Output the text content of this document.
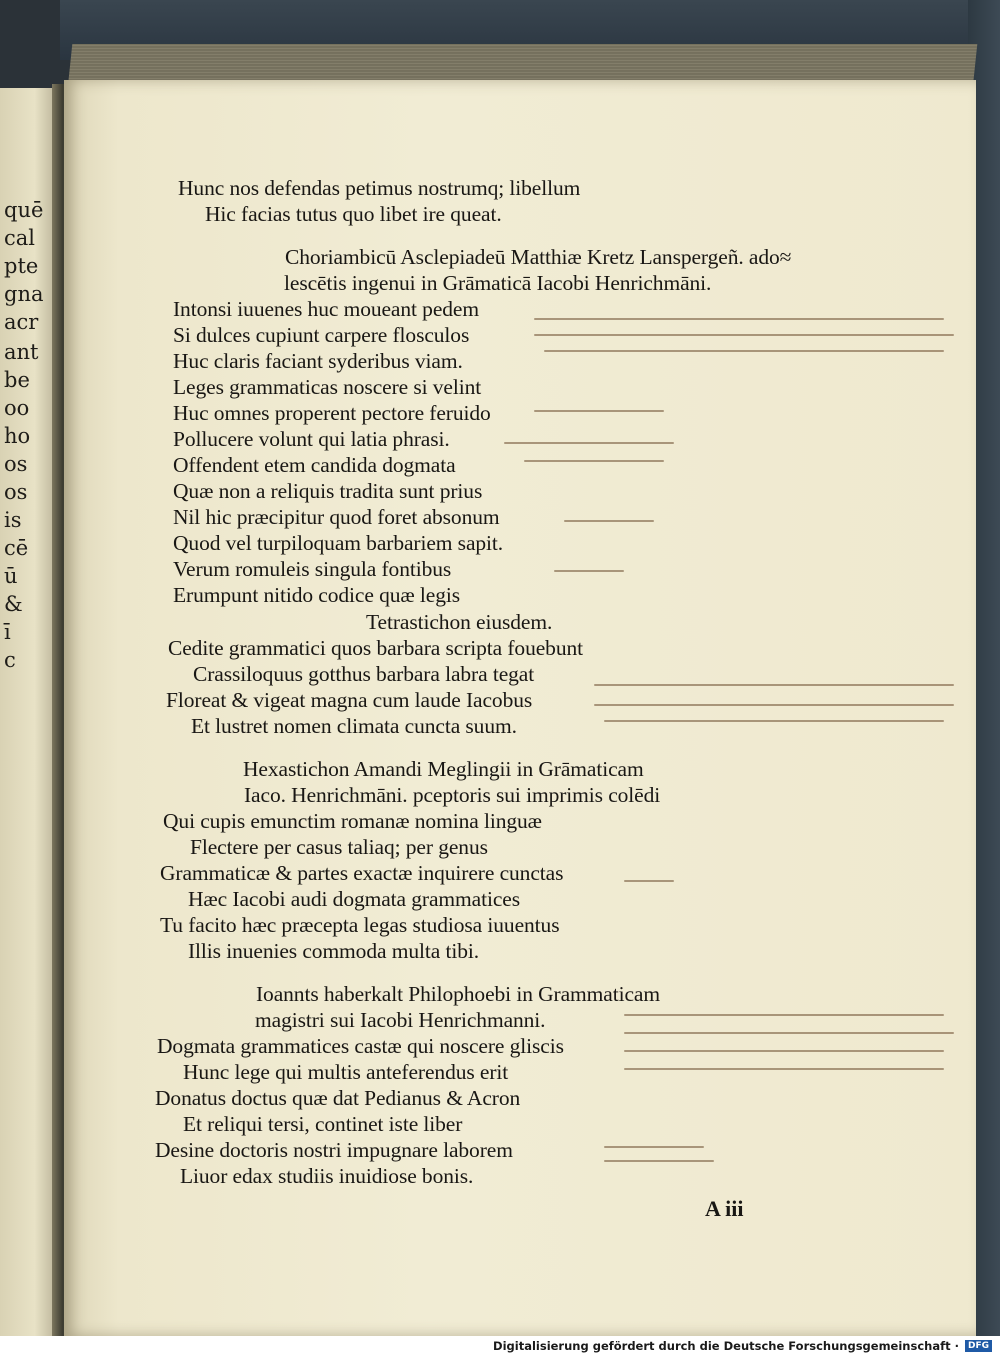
quē
cal
pte
gna
acr
ant
be
oo
ho
os
os
is
cē
ū
&
ī
c
Hunc nos defendas petimus nostrumq; libellum
Hic facias tutus quo libet ire queat.
Choriambicū Asclepiadeū Matthiæ Kretz Lanspergeñ. ado≈
lescētis ingenui in Grāmaticā Iacobi Henrichmāni.
Intonsi iuuenes huc moueant pedem
Si dulces cupiunt carpere flosculos
Huc claris faciant syderibus viam.
Leges grammaticas noscere si velint
Huc omnes properent pectore feruido
Pollucere volunt qui latia phrasi.
Offendent etem candida dogmata
Quæ non a reliquis tradita sunt prius
Nil hic præcipitur quod foret absonum
Quod vel turpiloquam barbariem sapit.
Verum romuleis singula fontibus
Erumpunt nitido codice quæ legis
Tetrastichon eiusdem.
Cedite grammatici quos barbara scripta fouebunt
Crassiloquus gotthus barbara labra tegat
Floreat & vigeat magna cum laude Iacobus
Et lustret nomen climata cuncta suum.
Hexastichon Amandi Meglingii in Grāmaticam
Iaco. Henrichmāni. pceptoris sui imprimis colēdi
Qui cupis emunctim romanæ nomina linguæ
Flectere per casus taliaq; per genus
Grammaticæ & partes exactæ inquirere cunctas
Hæc Iacobi audi dogmata grammatices
Tu facito hæc præcepta legas studiosa iuuentus
Illis inuenies commoda multa tibi.
Ioannts haberkalt Philophoebi in Grammaticam
magistri sui Iacobi Henrichmanni.
Dogmata grammatices castæ qui noscere gliscis
Hunc lege qui multis anteferendus erit
Donatus doctus quæ dat Pedianus & Acron
Et reliqui tersi, continet iste liber
Desine doctoris nostri impugnare laborem
Liuor edax studiis inuidiose bonis.
A iii
Digitalisierung gefördert durch die Deutsche Forschungsgemeinschaft ·	DFG
